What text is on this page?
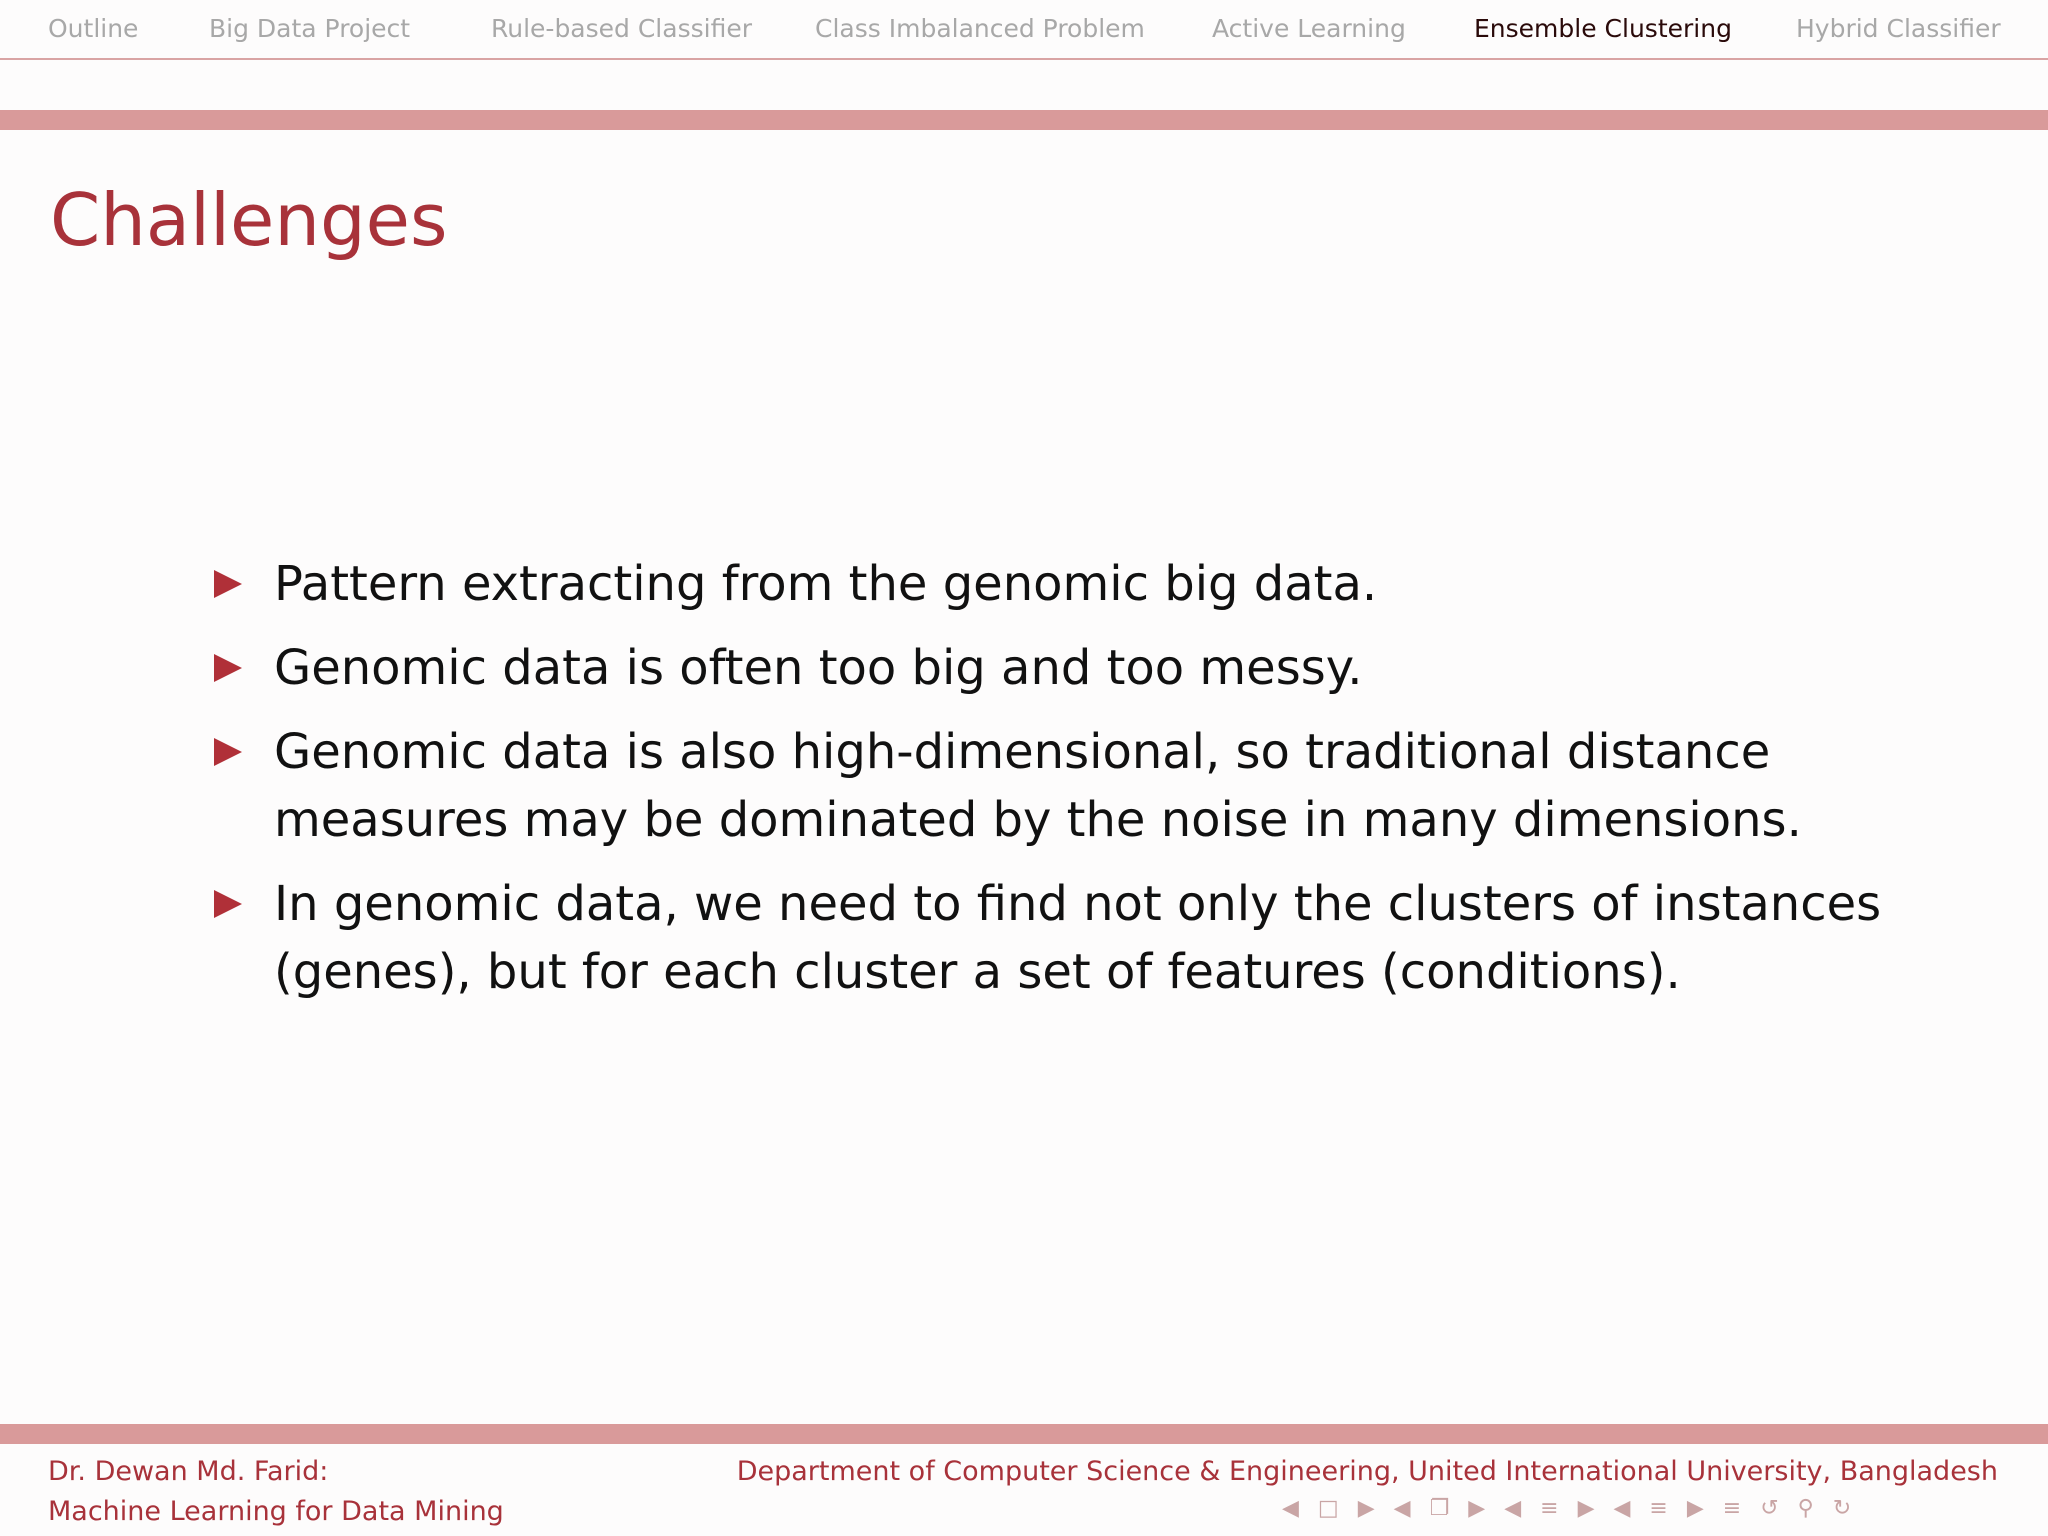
Outline	Big Data Project	Rule-based Classifier	Class Imbalanced Problem	Active Learning	Ensemble Clustering	Hybrid Classifier
Challenges
Pattern extracting from the genomic big data.
Genomic data is often too big and too messy.
Genomic data is also high-dimensional, so traditional distance
measures may be dominated by the noise in many dimensions.
In genomic data, we need to find not only the clusters of instances
(genes), but for each cluster a set of features (conditions).
Dr. Dewan Md. Farid:
Machine Learning for Data Mining
Department of Computer Science & Engineering, United International University, Bangladesh
◀ □ ▶ ◀ ❐ ▶ ◀ ≡ ▶ ◀ ≡ ▶ ≡ ↺ ⚲ ↻
